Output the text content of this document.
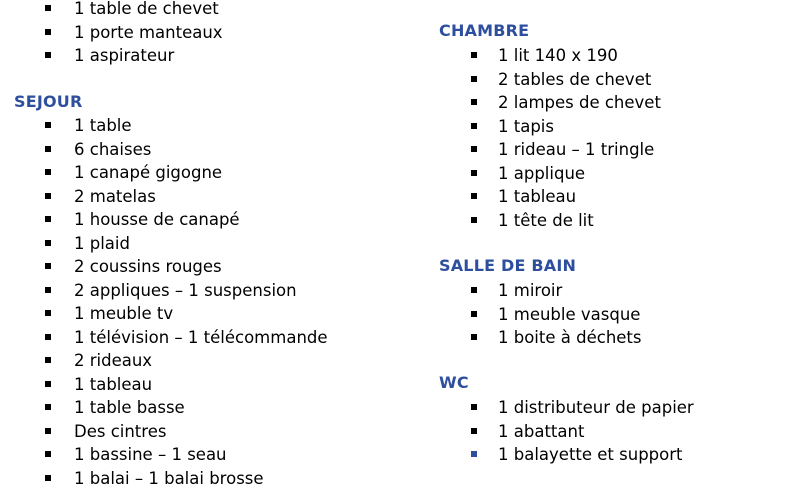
1 table de chevet
1 porte manteaux
1 aspirateur
SEJOUR
1 table
6 chaises
1 canapé gigogne
2 matelas
1 housse de canapé
1 plaid
2 coussins rouges
2 appliques – 1 suspension
1 meuble tv
1 télévision – 1 télécommande
2 rideaux
1 tableau
1 table basse
Des cintres
1 bassine – 1 seau
1 balai – 1 balai brosse
CHAMBRE
1 lit 140 x 190
2 tables de chevet
2 lampes de chevet
1 tapis
1 rideau – 1 tringle
1 applique
1 tableau
1 tête de lit
SALLE DE BAIN
1 miroir
1 meuble vasque
1 boite à déchets
WC
1 distributeur de papier
1 abattant
1 balayette et support
